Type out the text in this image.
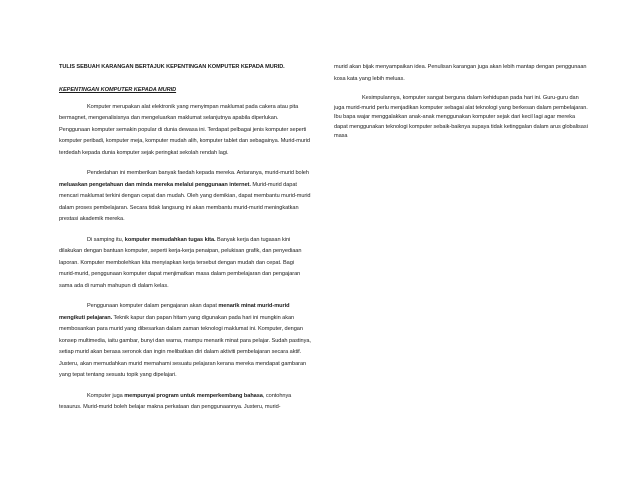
TULIS SEBUAH KARANGAN BERTAJUK KEPENTINGAN KOMPUTER KEPADA MURID.
KEPENTINGAN KOMPUTER KEPADA MURID

Komputer merupakan alat elektronik yang menyimpan maklumat pada cakera atau pita bermagnet, mengenalisisnya dan mengeluarkan maklumat selanjutnya apabila diperlukan. Penggunaan komputer semakin popular di dunia dewasa ini. Terdapat pelbagai jenis komputer seperti komputer peribadi, komputer meja, komputer mudah alih, komputer tablet dan sebagainya. Murid-murid terdedah kepada dunia komputer sejak peringkat sekolah rendah lagi.

Pendedahan ini memberikan banyak faedah kepada mereka. Antaranya, murid-murid boleh meluaskan pengetahuan dan minda mereka melalui penggunaan internet. Murid-murid dapat mencari maklumat terkini dengan cepat dan mudah. Oleh yang demikian, dapat membantu murid-murid dalam proses pembelajaran. Secara tidak langsung ini akan membantu murid-murid meningkatkan prestasi akademik mereka.

Di samping itu, komputer memudahkan tugas kita. Banyak kerja dan tugasan kini dilakukan dengan bantuan komputer, seperti kerja-kerja penaipan, pelukisan grafik, dan penyediaan laporan. Komputer membolehkan kita menyiapkan kerja tersebut dengan mudah dan cepat. Bagi murid-murid, penggunaan komputer dapat menjimatkan masa dalam pembelajaran dan pengajaran sama ada di rumah mahupun di dalam kelas.

Penggunaan komputer dalam pengajaran akan dapat menarik minat murid-murid mengikuti pelajaran. Teknik kapur dan papan hitam yang digunakan pada hari ini mungkin akan membosankan para murid yang dibesarkan dalam zaman teknologi maklumat ini. Komputer, dengan konsep multimedia, iaitu gambar, bunyi dan warna, mampu menarik minat para pelajar. Sudah pastinya, setiap murid akan berasa seronok dan ingin melibatkan diri dalam aktiviti pembelajaran secara aktif. Justeru, akan memudahkan murid memahami sesuatu pelajaran kerana mereka mendapat gambaran yang tepat tentang sesuatu topik yang dipelajari.

Komputer juga mempunyai program untuk memperkembang bahasa, contohnya tesaurus. Murid-murid boleh belajar makna perkataan dan penggunaannya. Justeru, murid-

murid akan bijak menyampaikan idea. Penulisan karangan juga akan lebih mantap dengan penggunaan kosa kata yang lebih meluas.

Kesimpulannya, komputer sangat berguna dalam kehidupan pada hari ini. Guru-guru dan juga murid-murid perlu menjadikan komputer sebagai alat teknologi yang berkesan dalam pembelajaran. Ibu bapa wajar menggalakkan anak-anak menggunakan komputer sejak dari kecil lagi agar mereka dapat menggunakan teknologi komputer sebaik-baiknya supaya tidak ketinggalan dalam arus globalisasi masa
